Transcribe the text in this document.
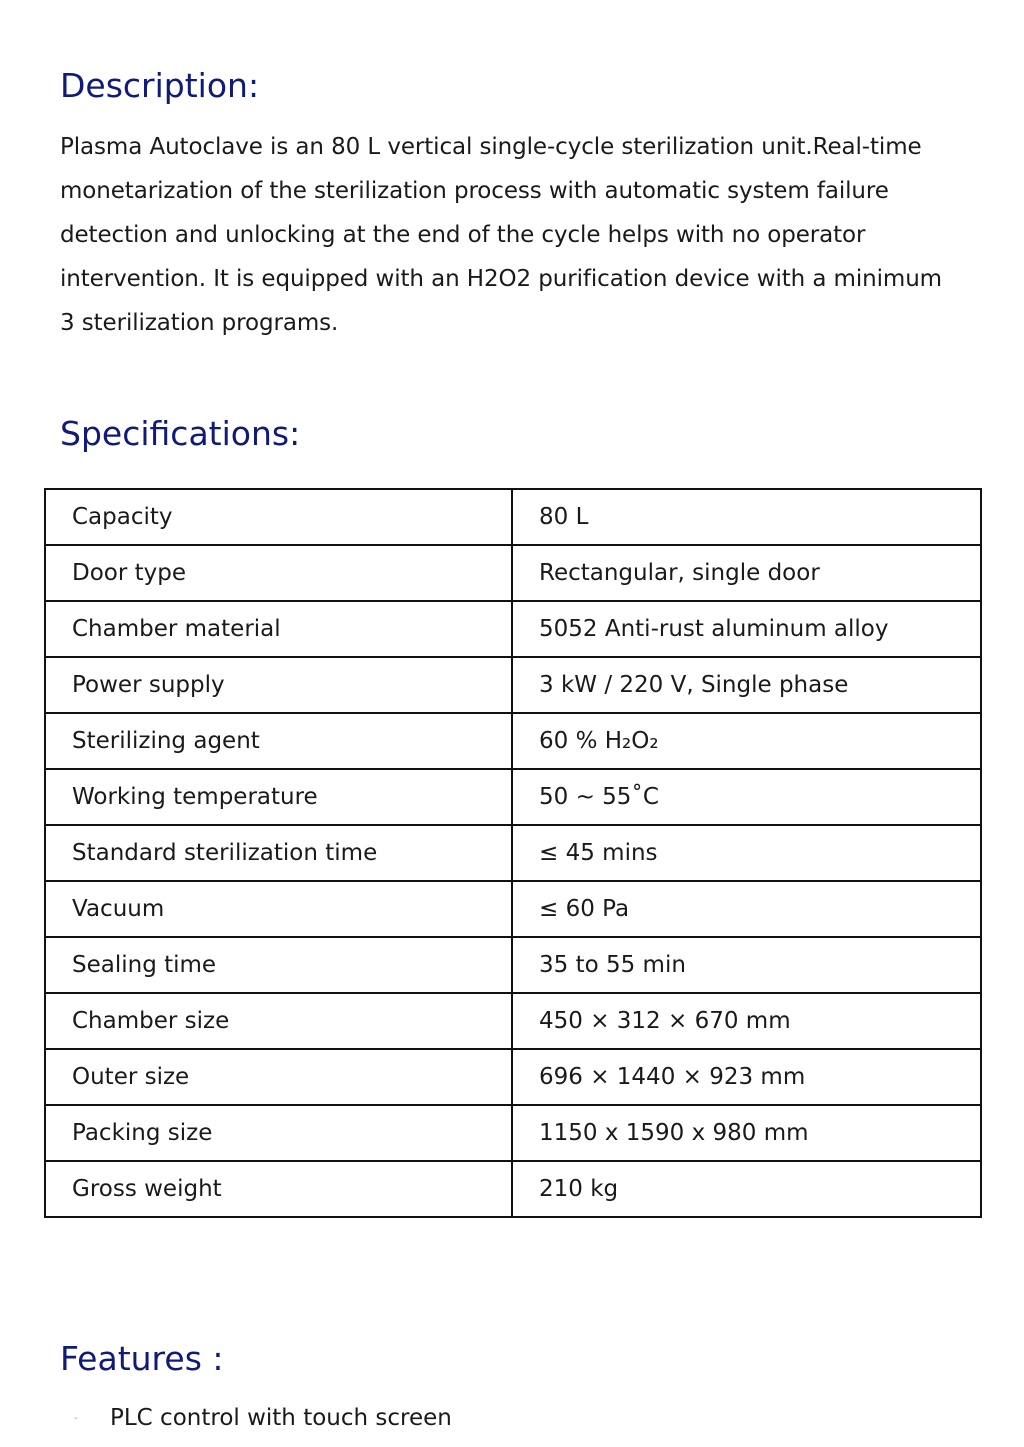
Description:

Plasma Autoclave is an 80 L vertical single-cycle sterilization unit.Real-time monetarization of the sterilization process with automatic system failure detection and unlocking at the end of the cycle helps with no operator intervention. It is equipped with an H2O2 purification device with a minimum 3 sterilization programs.

Specifications:
Capacity	80 L
Door type	Rectangular, single door
Chamber material	5052 Anti-rust aluminum alloy
Power supply	3 kW / 220 V, Single phase
Sterilizing agent	60 % H₂O₂
Working temperature	50 ~ 55˚C
Standard sterilization time	≤ 45 mins
Vacuum	≤ 60 Pa
Sealing time	35 to 55 min
Chamber size	450 × 312 × 670 mm
Outer size	696 × 1440 × 923 mm
Packing size	1150 x 1590 x 980 mm
Gross weight	210 kg
Features :
-	PLC control with touch screen
